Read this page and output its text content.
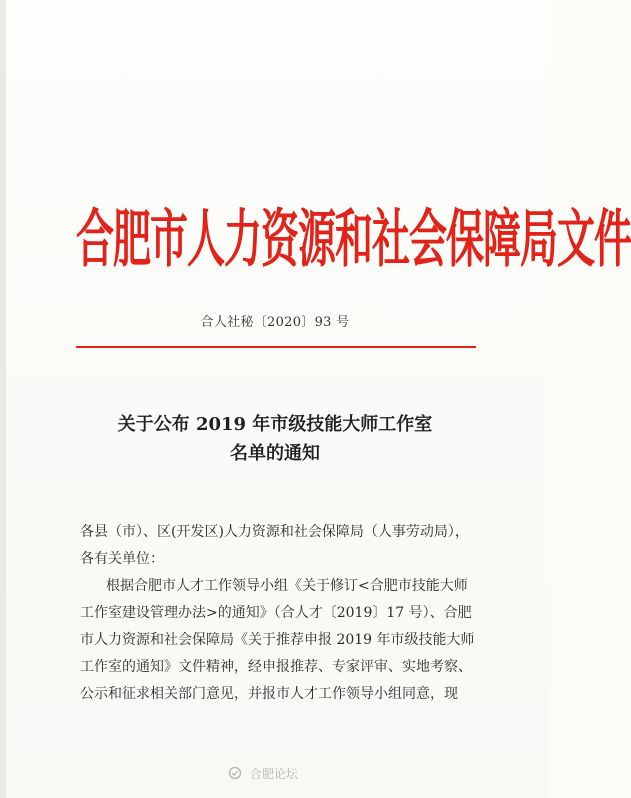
合肥市人力资源和社会保障局文件
合人社秘〔2020〕93 号
关于公布 2019 年市级技能大师工作室
名单的通知
各县（市）、区(开发区)人力资源和社会保障局（人事劳动局），
各有关单位：
根据合肥市人才工作领导小组《关于修订<合肥市技能大师
工作室建设管理办法>的通知》（合人才〔2019〕17 号）、合肥
市人力资源和社会保障局《关于推荐申报 2019 年市级技能大师
工作室的通知》文件精神，经申报推荐、专家评审、实地考察、
公示和征求相关部门意见，并报市人才工作领导小组同意，现
合肥论坛
